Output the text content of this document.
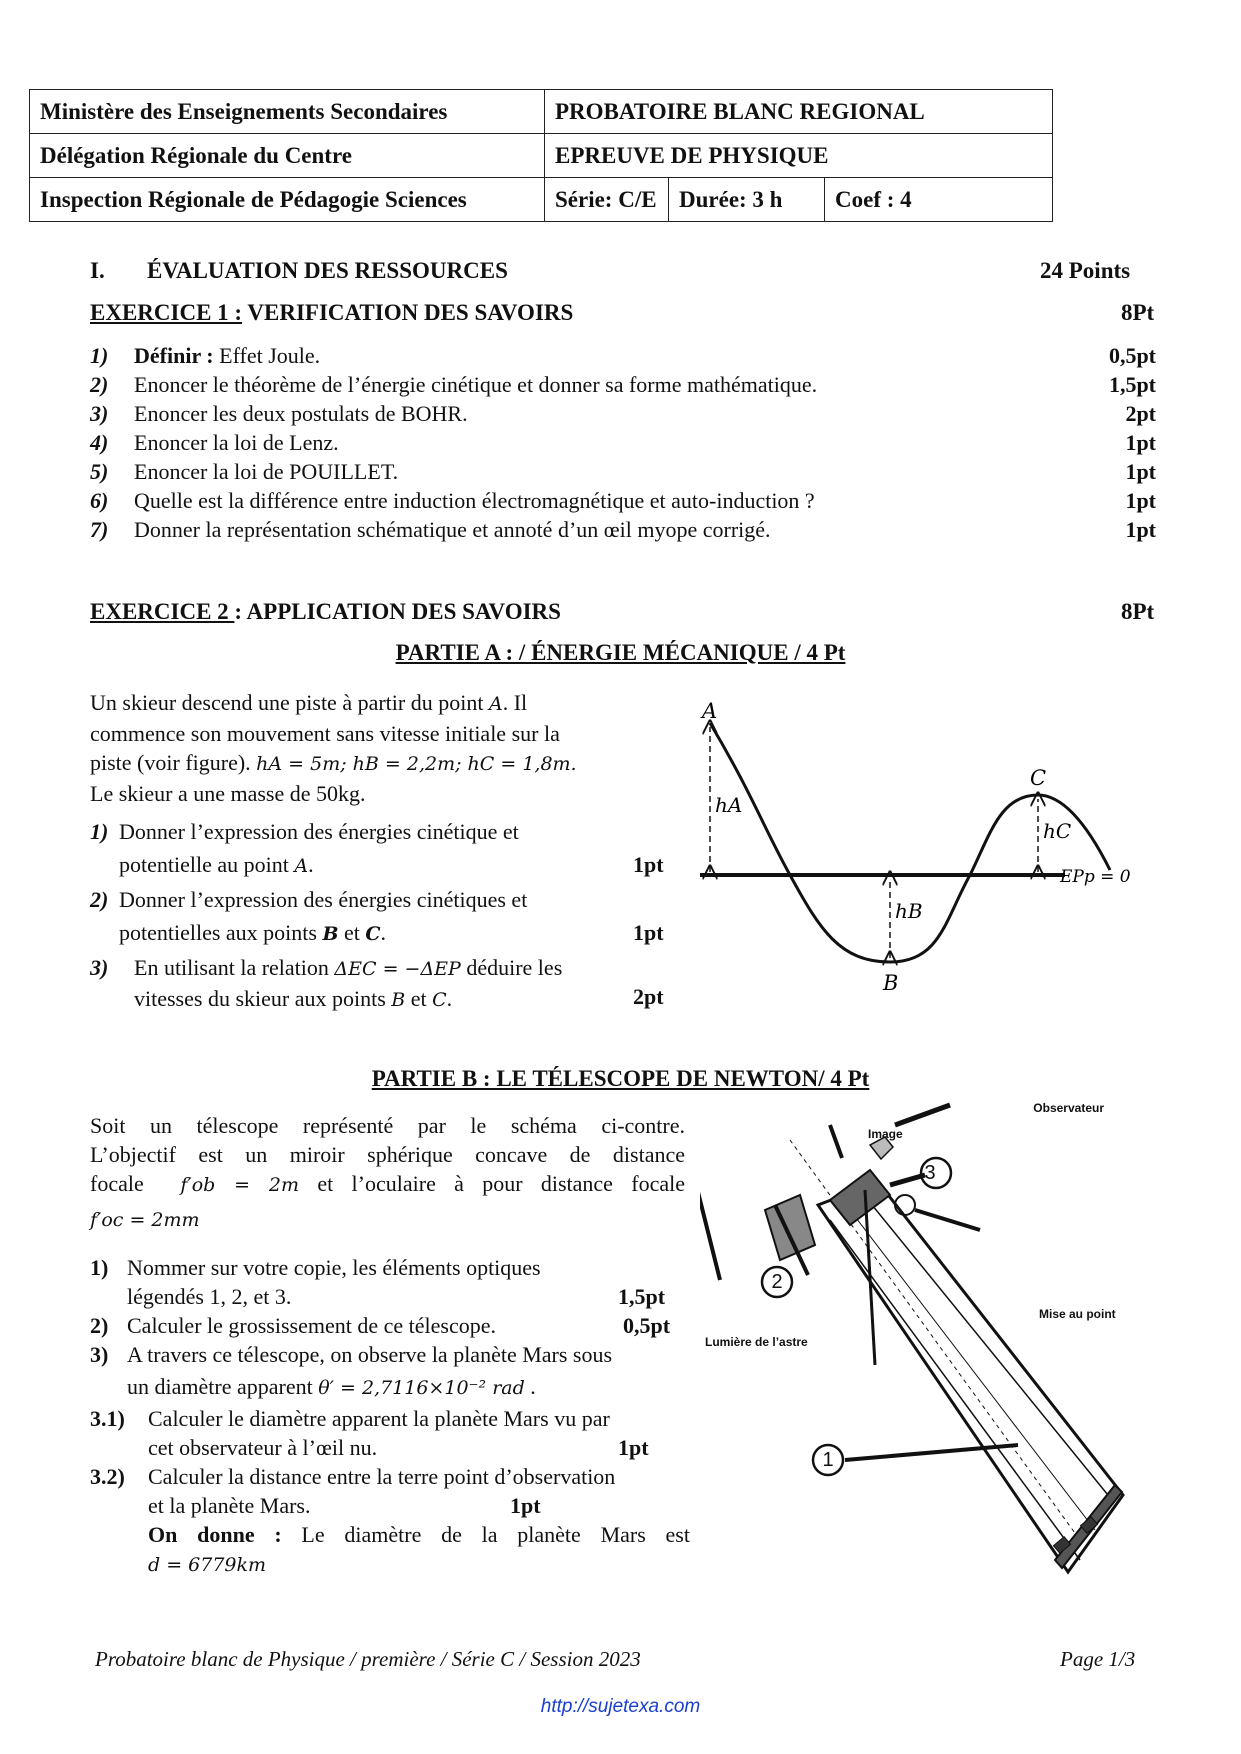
Ministère des Enseignements Secondaires	PROBATOIRE BLANC REGIONAL		
Délégation Régionale du Centre	EPREUVE DE PHYSIQUE		
Inspection Régionale de Pédagogie Sciences	Série: C/E	Durée: 3 h	Coef : 4
I. ÉVALUATION DES RESSOURCES	24 Points
EXERCICE 1 : VERIFICATION DES SAVOIRS	8Pt
1) Définir : Effet Joule.	0,5pt
2) Enoncer le théorème de l’énergie cinétique et donner sa forme mathématique.	1,5pt
3) Enoncer les deux postulats de BOHR.	2pt
4) Enoncer la loi de Lenz.	1pt
5) Enoncer la loi de POUILLET.	1pt
6) Quelle est la différence entre induction électromagnétique et auto-induction ?	1pt
7) Donner la représentation schématique et annoté d’un œil myope corrigé.	1pt
EXERCICE 2 : APPLICATION DES SAVOIRS	8Pt
PARTIE A : / ÉNERGIE MÉCANIQUE / 4 Pt
Un skieur descend une piste à partir du point A. Il
commence son mouvement sans vitesse initiale sur la
piste (voir figure). hA = 5m; hB = 2,2m; hC = 1,8m.
Le skieur a une masse de 50kg.
1) Donner l’expression des énergies cinétique et
potentielle au point A.	1pt
2) Donner l’expression des énergies cinétiques et
potentielles aux points B et C.	1pt
3)	En utilisant la relation ΔEC = −ΔEP déduire les
vitesses du skieur aux points B et C.	2pt
A
hA
B
hB
C
hC
EPp = 0
PARTIE B : LE TÉLESCOPE DE NEWTON/ 4 Pt
Soit un télescope représenté par le schéma ci-contre.
L’objectif est un miroir sphérique concave de distance
focale f′ob = 2m et l’oculaire à pour distance focale
f′oc = 2mm
1) Nommer sur votre copie, les éléments optiques
légendés 1, 2, et 3.	1,5pt
2) Calculer le grossissement de ce télescope.	0,5pt
3) A travers ce télescope, on observe la planète Mars sous
un diamètre apparent θ′ = 2,7116×10⁻² rad .
3.1)	Calculer le diamètre apparent la planète Mars vu par
cet observateur à l’œil nu.	1pt
3.2)	Calculer la distance entre la terre point d’observation
et la planète Mars.	1pt
On donne : Le diamètre de la planète Mars est
d = 6779km
3
2
1
Observateur
Image
Mise au point
Lumière de l’astre
Probatoire blanc de Physique / première / Série C / Session 2023	Page 1/3
http://sujetexa.com
